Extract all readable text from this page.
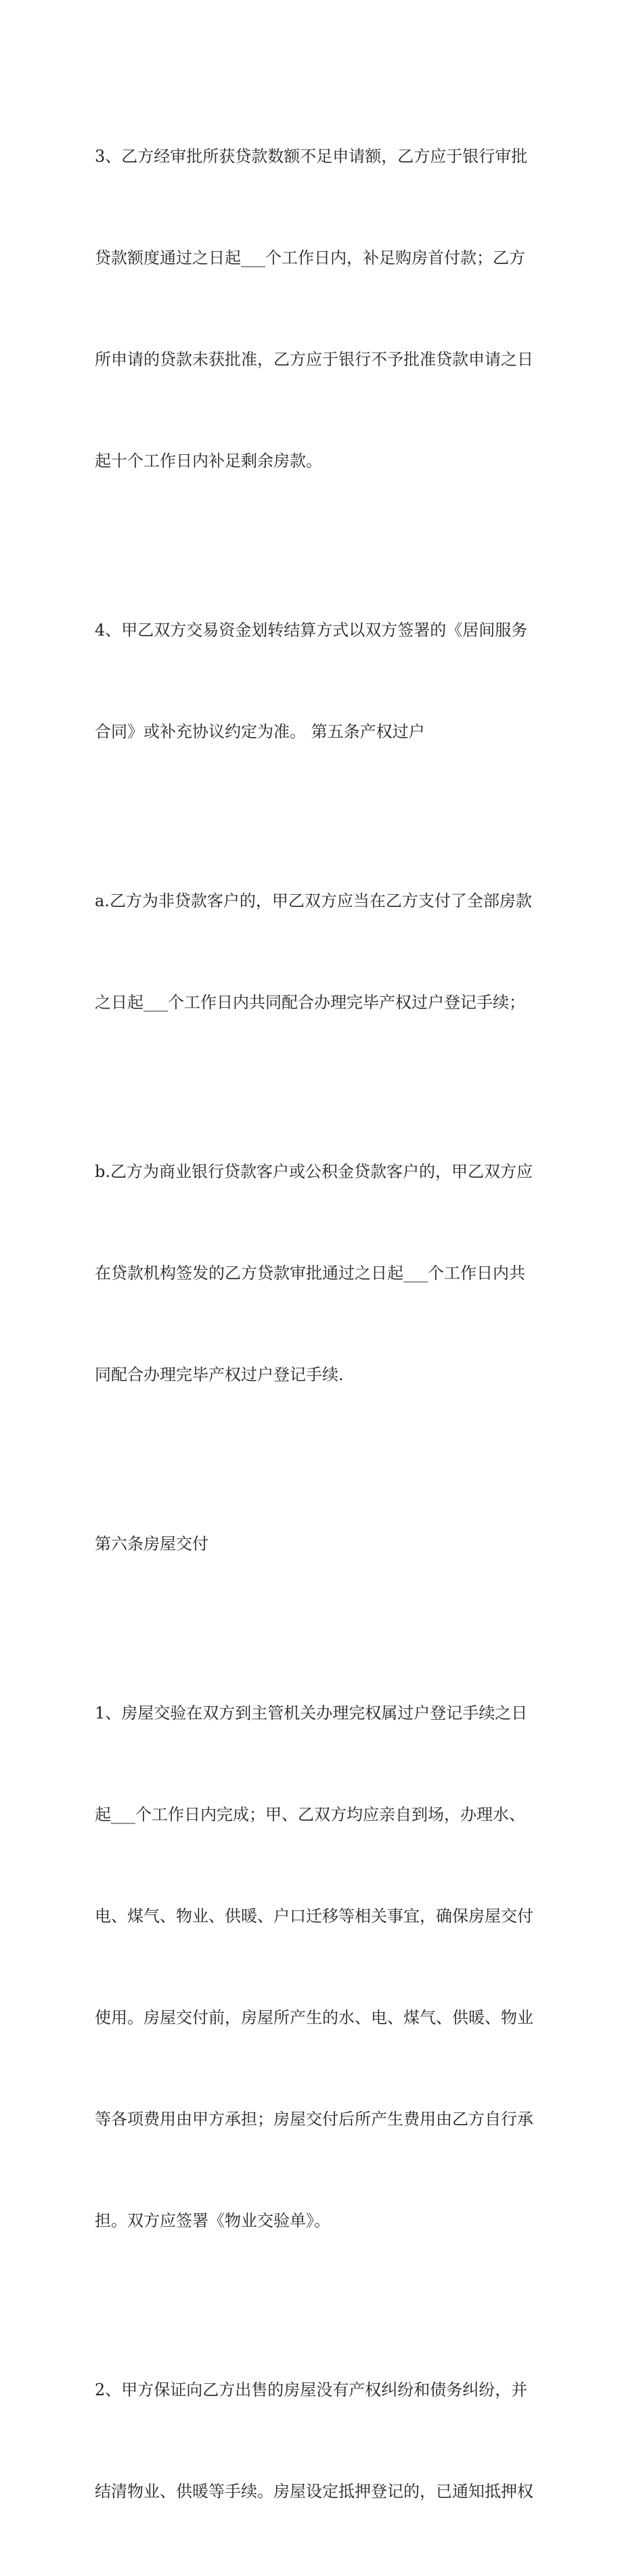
3、乙方经审批所获贷款数额不足申请额，乙方应于银行审批

贷款额度通过之日起___个工作日内，补足购房首付款；乙方

所申请的贷款未获批准，乙方应于银行不予批准贷款申请之日

起十个工作日内补足剩余房款。

4、甲乙双方交易资金划转结算方式以双方签署的《居间服务

合同》或补充协议约定为准。 第五条产权过户

a.乙方为非贷款客户的，甲乙双方应当在乙方支付了全部房款

之日起___个工作日内共同配合办理完毕产权过户登记手续；

b.乙方为商业银行贷款客户或公积金贷款客户的，甲乙双方应

在贷款机构签发的乙方贷款审批通过之日起___个工作日内共

同配合办理完毕产权过户登记手续.

第六条房屋交付

1、房屋交验在双方到主管机关办理完权属过户登记手续之日

起___个工作日内完成；甲、乙双方均应亲自到场，办理水、

电、煤气、物业、供暖、户口迁移等相关事宜，确保房屋交付

使用。房屋交付前，房屋所产生的水、电、煤气、供暖、物业

等各项费用由甲方承担；房屋交付后所产生费用由乙方自行承

担。双方应签署《物业交验单》。

2、甲方保证向乙方出售的房屋没有产权纠纷和债务纠纷，并

结清物业、供暖等手续。房屋设定抵押登记的，已通知抵押权
